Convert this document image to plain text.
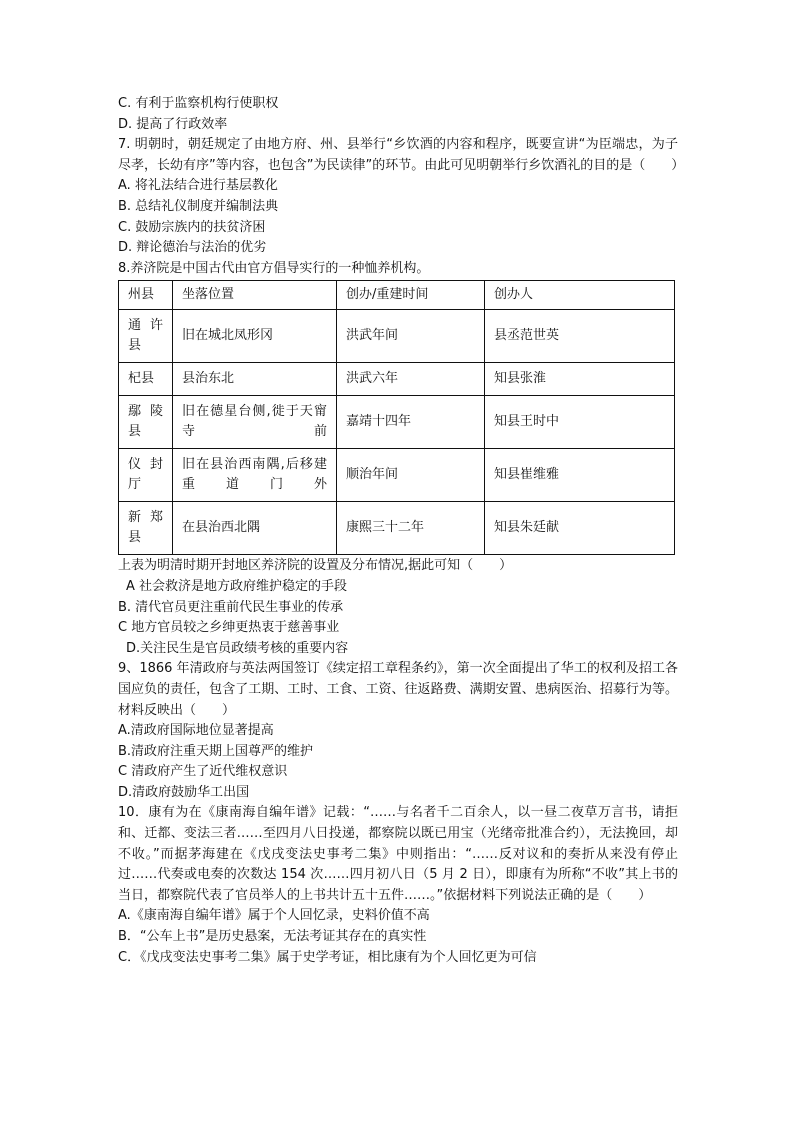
C. 有利于监察机构行使职权
D. 提高了行政效率
7. 明朝时，朝廷规定了由地方府、州、县举行“乡饮酒的内容和程序，既要宣讲“为臣端忠，为子尽孝，长幼有序”等内容，也包含”为民读律”的环节。由此可见明朝举行乡饮酒礼的目的是（　　）
A. 将礼法结合进行基层教化
B. 总结礼仪制度并编制法典
C. 鼓励宗族内的扶贫济困
D. 辩论德治与法治的优劣
8.养济院是中国古代由官方倡导实行的一种恤养机构。
州县	坐落位置	创办/重建时间	创办人
通许县	旧在城北凤形冈	洪武年间	县丞范世英
杞县	县治东北	洪武六年	知县张淮
鄢陵县	旧在德星台侧,徙于天甯寺前	嘉靖十四年	知县王时中
仪封厅	旧在县治西南隅,后移建重道门外	顺治年间	知县崔维雅
新郑县	在县治西北隅	康熙三十二年	知县朱廷献
上表为明清时期开封地区养济院的设置及分布情况,据此可知（　　）
A 社会救济是地方政府维护稳定的手段
B. 清代官员更注重前代民生事业的传承
C 地方官员较之乡绅更热衷于慈善事业
D.关注民生是官员政绩考核的重要内容
9、1866 年清政府与英法两国签订《续定招工章程条约》，第一次全面提出了华工的权利及招工各国应负的责任，包含了工期、工时、工食、工资、往返路费、满期安置、患病医治、招募行为等。材料反映出（　　）
A.清政府国际地位显著提高
B.清政府注重天期上国尊严的维护
C 清政府产生了近代维权意识
D.清政府鼓励华工出国
10．康有为在《康南海自编年谱》记载：“……与名者千二百余人，以一昼二夜草万言书，请拒和、迁都、变法三者……至四月八日投递，都察院以既已用宝（光绪帝批准合约），无法挽回，却不收。”而据茅海建在《戊戌变法史事考二集》中则指出：“……反对议和的奏折从来没有停止过……代奏或电奏的次数达 154 次……四月初八日（5 月 2 日），即康有为所称“不收”其上书的当日，都察院代表了官员举人的上书共计五十五件……。”依据材料下列说法正确的是（　　）
A.《康南海自编年谱》属于个人回忆录，史料价值不高
B．“公车上书”是历史悬案，无法考证其存在的真实性
C．《戊戌变法史事考二集》属于史学考证，相比康有为个人回忆更为可信
